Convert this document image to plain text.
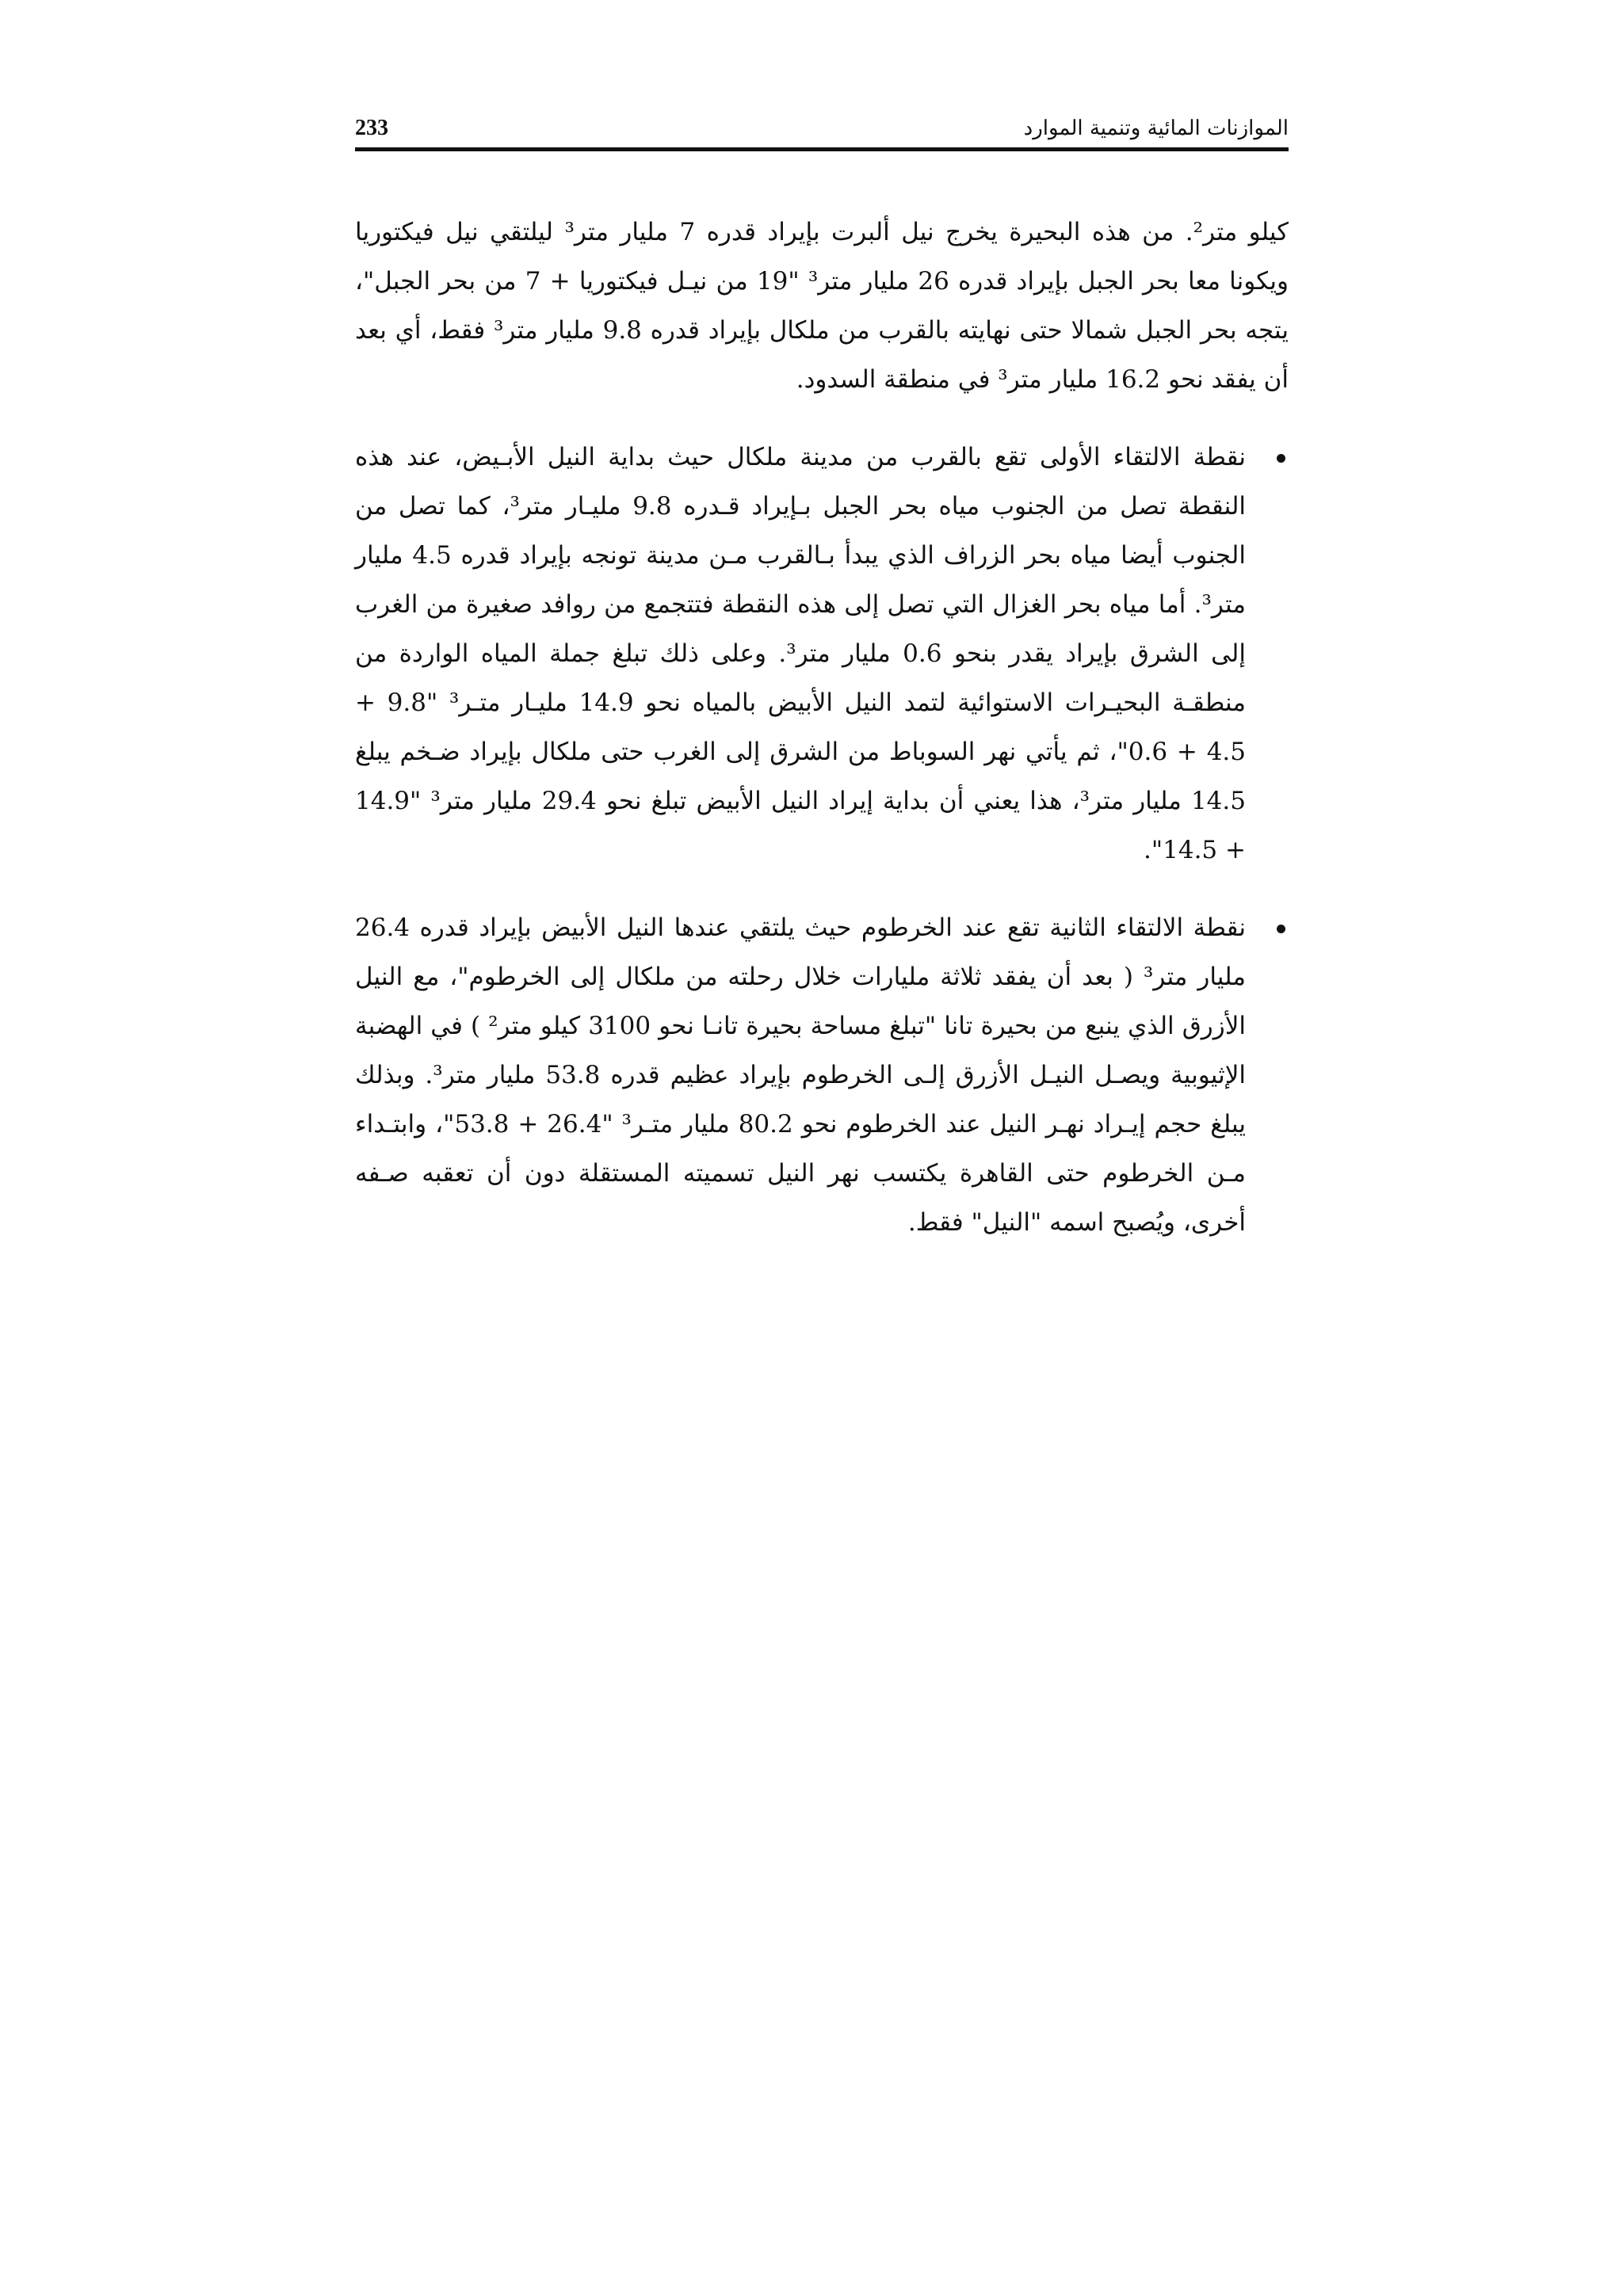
233	الموازنات المائية وتنمية الموارد

كيلو متر². من هذه البحيرة يخرج نيل ألبرت بإيراد قدره 7 مليار متر³ ليلتقي نيل فيكتوريا ويكونا معا بحر الجبل بإيراد قدره 26 مليار متر³ "19 من نيـل فيكتوريا + 7 من بحر الجبل"، يتجه بحر الجبل شمالا حتى نهايته بالقرب من ملكال بإيراد قدره 9.8 مليار متر³ فقط، أي بعد أن يفقد نحو 16.2 مليار متر³ في منطقة السدود.

نقطة الالتقاء الأولى تقع بالقرب من مدينة ملكال حيث بداية النيل الأبـيض، عند هذه النقطة تصل من الجنوب مياه بحر الجبل بـإيراد قـدره 9.8 مليـار متر³، كما تصل من الجنوب أيضا مياه بحر الزراف الذي يبدأ بـالقرب مـن مدينة تونجه بإيراد قدره 4.5 مليار متر³. أما مياه بحر الغزال التي تصل إلى هذه النقطة فتتجمع من روافد صغيرة من الغرب إلى الشرق بإيراد يقدر بنحو 0.6 مليار متر³. وعلى ذلك تبلغ جملة المياه الواردة من منطقـة البحيـرات الاستوائية لتمد النيل الأبيض بالمياه نحو 14.9 مليـار متـر³ "9.8 + 4.5 + 0.6"، ثم يأتي نهر السوباط من الشرق إلى الغرب حتى ملكال بإيراد ضـخم يبلغ 14.5 مليار متر³، هذا يعني أن بداية إيراد النيل الأبيض تبلغ نحو 29.4 مليار متر³ "14.9 + 14.5".

نقطة الالتقاء الثانية تقع عند الخرطوم حيث يلتقي عندها النيل الأبيض بإيراد قدره 26.4 مليار متر³ ( بعد أن يفقد ثلاثة مليارات خلال رحلته من ملكال إلى الخرطوم"، مع النيل الأزرق الذي ينبع من بحيرة تانا "تبلغ مساحة بحيرة تانـا نحو 3100 كيلو متر² ) في الهضبة الإثيوبية ويصـل النيـل الأزرق إلـى الخرطوم بإيراد عظيم قدره 53.8 مليار متر³. وبذلك يبلغ حجم إيـراد نهـر النيل عند الخرطوم نحو 80.2 مليار متـر³ "26.4 + 53.8"، وابتـداء مـن الخرطوم حتى القاهرة يكتسب نهر النيل تسميته المستقلة دون أن تعقبه صـفه أخرى، ويُصبح اسمه "النيل" فقط.
